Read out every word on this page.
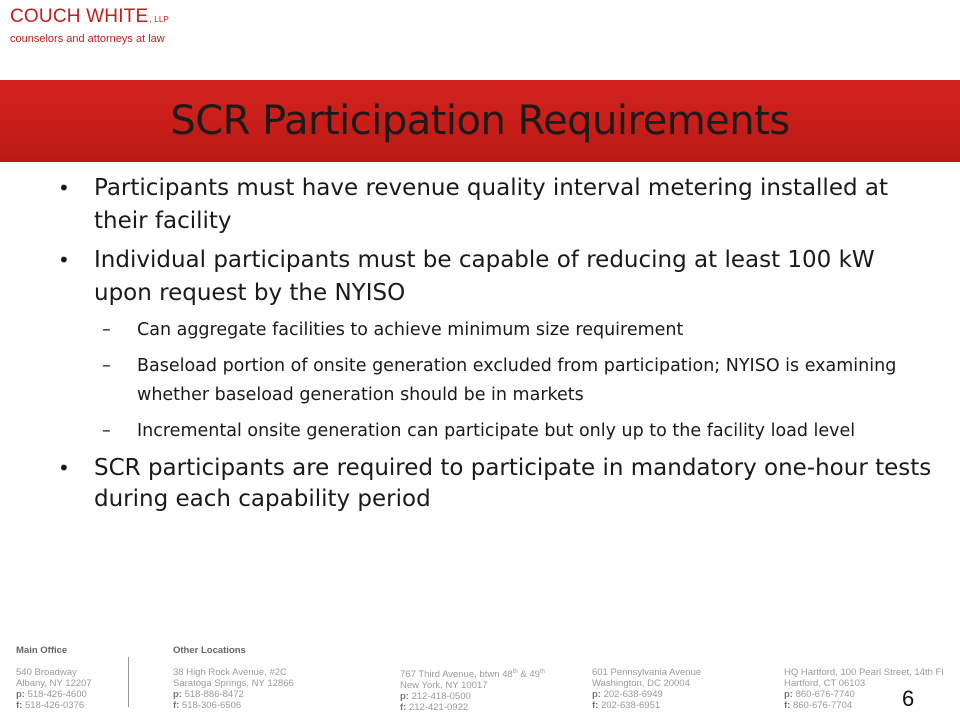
COUCH WHITE, LLP
counselors and attorneys at law
SCR Participation Requirements
• Participants must have revenue quality interval metering installed at their facility
• Individual participants must be capable of reducing at least 100 kW upon request by the NYISO
– Can aggregate facilities to achieve minimum size requirement
– Baseload portion of onsite generation excluded from participation; NYISO is examining whether baseload generation should be in markets
– Incremental onsite generation can participate but only up to the facility load level
• SCR participants are required to participate in mandatory one-hour tests during each capability period
Main Office
540 Broadway
Albany, NY 12207
p: 518-426-4600
f: 518-426-0376
Other Locations
38 High Rock Avenue, #2C
Saratoga Springs, NY 12866
p: 518-886-8472
f: 518-306-6506
767 Third Avenue, btwn 48th & 49th
New York, NY 10017
p: 212-418-0500
f: 212-421-0922
601 Pennsylvania Avenue
Washington, DC 20004
p: 202-638-6949
f: 202-638-6951
HQ Hartford, 100 Pearl Street, 14th Fl
Hartford, CT 06103
p: 860-676-7740
f: 860-676-7704	6
